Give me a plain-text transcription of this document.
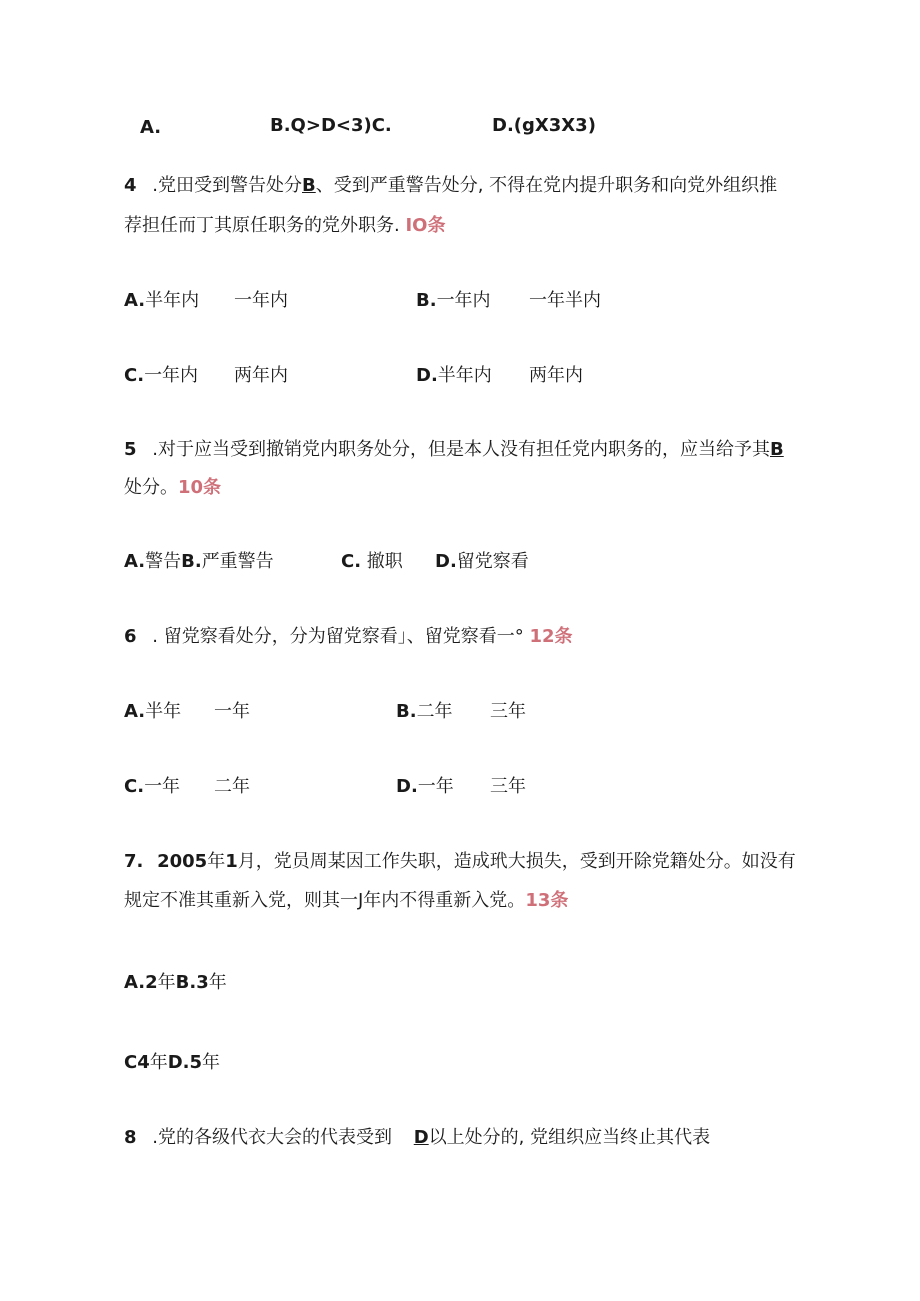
A.	B.Q>D<3)C.	D.(gX3X3)
4 .党田受到警告处分B、受到严重警告处分, 不得在党内提升职务和向党外组织推
荐担任而丁其原任职务的党外职务. IO条
A.半年内 一年内	B.一年内 一年半内
C.一年内 两年内	D.半年内 两年内
5 .对于应当受到撤销党内职务处分，但是本人没有担任党内职务的，应当给予其B
处分。10条
A.警告B.严重警告	C. 撤职 D.留党察看
6 . 留党察看处分，分为留党察看」、留党察看一° 12条
A.半年 一年	B.二年 三年
C.一年 二年	D.一年 三年
7. 2005年1月，党员周某因工作失职，造成玳大损失，受到开除党籍处分。如没有
规定不准其重新入党，则其一J年内不得重新入党。13条
A.2年B.3年
C4年D.5年
8 .党的各级代衣大会的代表受到 D以上处分的, 党组织应当终止其代表
